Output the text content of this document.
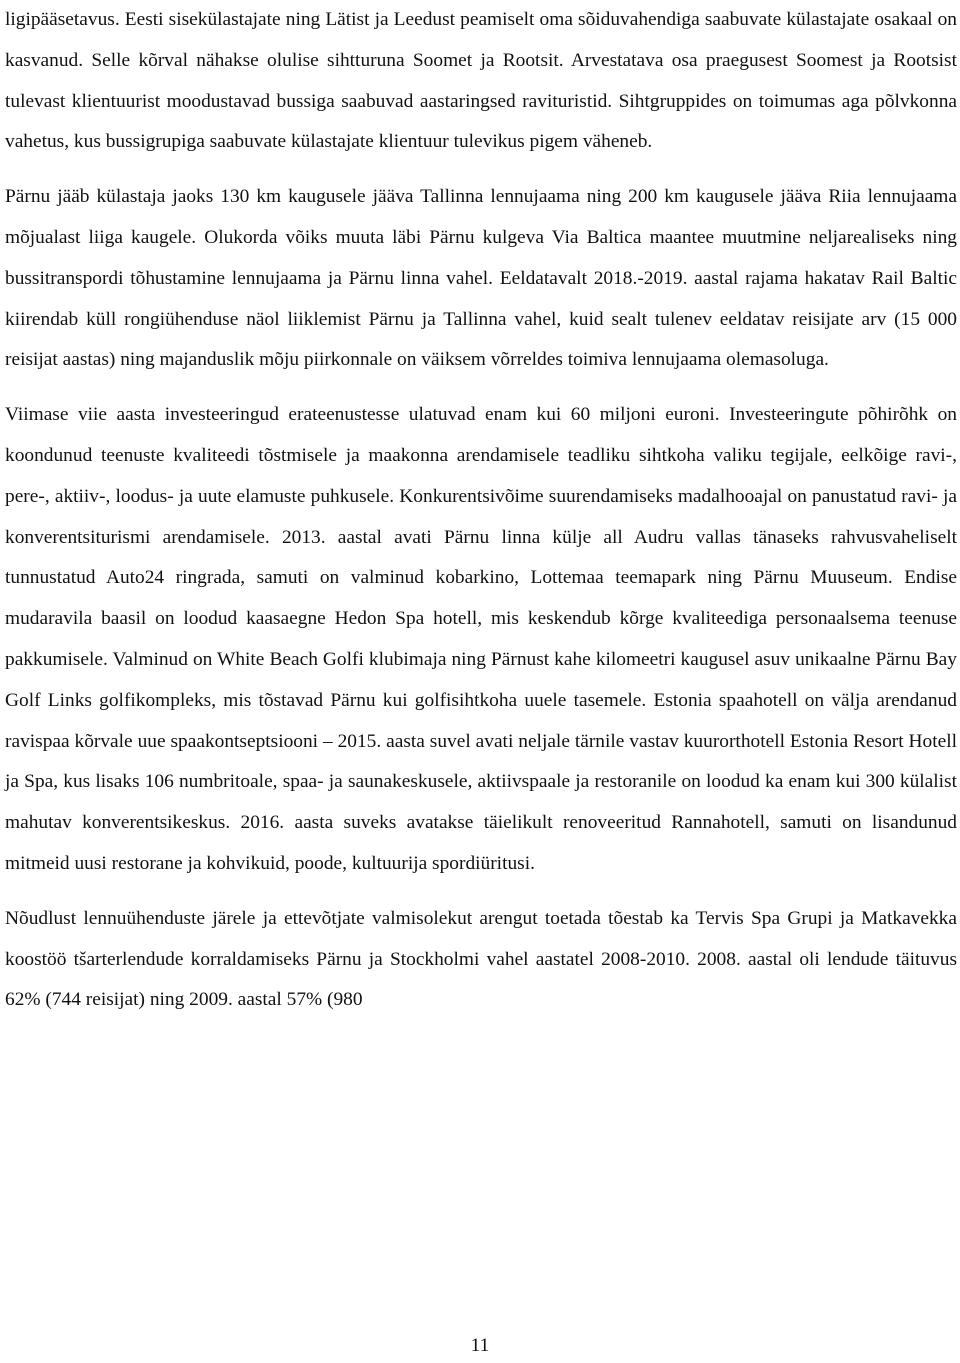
ligipääsetavus. Eesti sisekülastajate ning Lätist ja Leedust peamiselt oma sõiduvahendiga saabuvate külastajate osakaal on kasvanud. Selle kõrval nähakse olulise sihtturuna Soomet ja Rootsit. Arvestatava osa praegusest Soomest ja Rootsist tulevast klientuurist moodustavad bussiga saabuvad aastaringsed ravituristid. Sihtgruppides on toimumas aga põlvkonna vahetus, kus bussigrupiga saabuvate külastajate klientuur tulevikus pigem väheneb.

Pärnu jääb külastaja jaoks 130 km kaugusele jääva Tallinna lennujaama ning 200 km kaugusele jääva Riia lennujaama mõjualast liiga kaugele. Olukorda võiks muuta läbi Pärnu kulgeva Via Baltica maantee muutmine neljarealiseks ning bussitranspordi tõhustamine lennujaama ja Pärnu linna vahel. Eeldatavalt 2018.-2019. aastal rajama hakatav Rail Baltic kiirendab küll rongiühenduse näol liiklemist Pärnu ja Tallinna vahel, kuid sealt tulenev eeldatav reisijate arv (15 000 reisijat aastas) ning majanduslik mõju piirkonnale on väiksem võrreldes toimiva lennujaama olemasoluga.

Viimase viie aasta investeeringud erateenustesse ulatuvad enam kui 60 miljoni euroni. Investeeringute põhirõhk on koondunud teenuste kvaliteedi tõstmisele ja maakonna arendamisele teadliku sihtkoha valiku tegijale, eelkõige ravi-, pere-, aktiiv-, loodus- ja uute elamuste puhkusele. Konkurentsivõime suurendamiseks madalhooajal on panustatud ravi- ja konverentsiturismi arendamisele. 2013. aastal avati Pärnu linna külje all Audru vallas tänaseks rahvusvaheliselt tunnustatud Auto24 ringrada, samuti on valminud kobarkino, Lottemaa teemapark ning Pärnu Muuseum. Endise mudaravila baasil on loodud kaasaegne Hedon Spa hotell, mis keskendub kõrge kvaliteediga personaalsema teenuse pakkumisele. Valminud on White Beach Golfi klubimaja ning Pärnust kahe kilomeetri kaugusel asuv unikaalne Pärnu Bay Golf Links golfikompleks, mis tõstavad Pärnu kui golfisihtkoha uuele tasemele. Estonia spaahotell on välja arendanud ravispaa kõrvale uue spaakontseptsiooni – 2015. aasta suvel avati neljale tärnile vastav kuurorthotell Estonia Resort Hotell ja Spa, kus lisaks 106 numbritoale, spaa- ja saunakeskusele, aktiivspaale ja restoranile on loodud ka enam kui 300 külalist mahutav konverentsikeskus. 2016. aasta suveks avatakse täielikult renoveeritud Rannahotell, samuti on lisandunud mitmeid uusi restorane ja kohvikuid, poode, kultuurija spordiüritusi.

Nõudlust lennuühenduste järele ja ettevõtjate valmisolekut arengut toetada tõestab ka Tervis Spa Grupi ja Matkavekka koostöö tšarterlendude korraldamiseks Pärnu ja Stockholmi vahel aastatel 2008-2010. 2008. aastal oli lendude täituvus 62% (744 reisijat) ning 2009. aastal 57% (980

11
